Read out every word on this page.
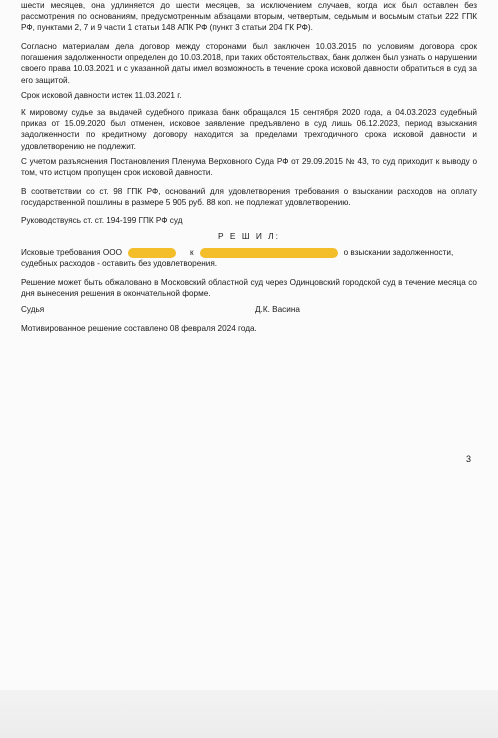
шести месяцев, она удлиняется до шести месяцев, за исключением случаев, когда иск был оставлен без рассмотрения по основаниям, предусмотренным абзацами вторым, четвертым, седьмым и восьмым статьи 222 ГПК РФ, пунктами 2, 7 и 9 части 1 статьи 148 АПК РФ (пункт 3 статьи 204 ГК РФ).
Согласно материалам дела договор между сторонами был заключен 10.03.2015 по условиям договора срок погашения задолженности определен до 10.03.2018, при таких обстоятельствах, банк должен был узнать о нарушении своего права 10.03.2021 и с указанной даты имел возможность в течение срока исковой давности обратиться в суд за его защитой.
Срок исковой давности истек 11.03.2021 г.
К мировому судье за выдачей судебного приказа банк обращался 15 сентября 2020 года, а 04.03.2023 судебный приказ от 15.09.2020 был отменен, исковое заявление предъявлено в суд лишь 06.12.2023, период взыскания задолженности по кредитному договору находится за пределами трехгодичного срока исковой давности и удовлетворению не подлежит.
С учетом разъяснения Постановления Пленума Верховного Суда РФ от 29.09.2015 № 43, то суд приходит к выводу о том, что истцом пропущен срок исковой давности.
В соответствии со ст. 98 ГПК РФ, оснований для удовлетворения требования о взыскании расходов на оплату государственной пошлины в размере 5 905 руб. 88 коп. не подлежат удовлетворению.
Руководствуясь ст. ст. 194-199 ГПК РФ суд
Р Е Ш И Л:
Исковые требования ООО	к	о взыскании задолженности,
судебных расходов - оставить без удовлетворения.
Решение может быть обжаловано в Московский областной суд через Одинцовский городской суд в течение месяца со дня вынесения решения в окончательной форме.
Судья	Д.К. Васина
Мотивированное решение составлено 08 февраля 2024 года.
3
